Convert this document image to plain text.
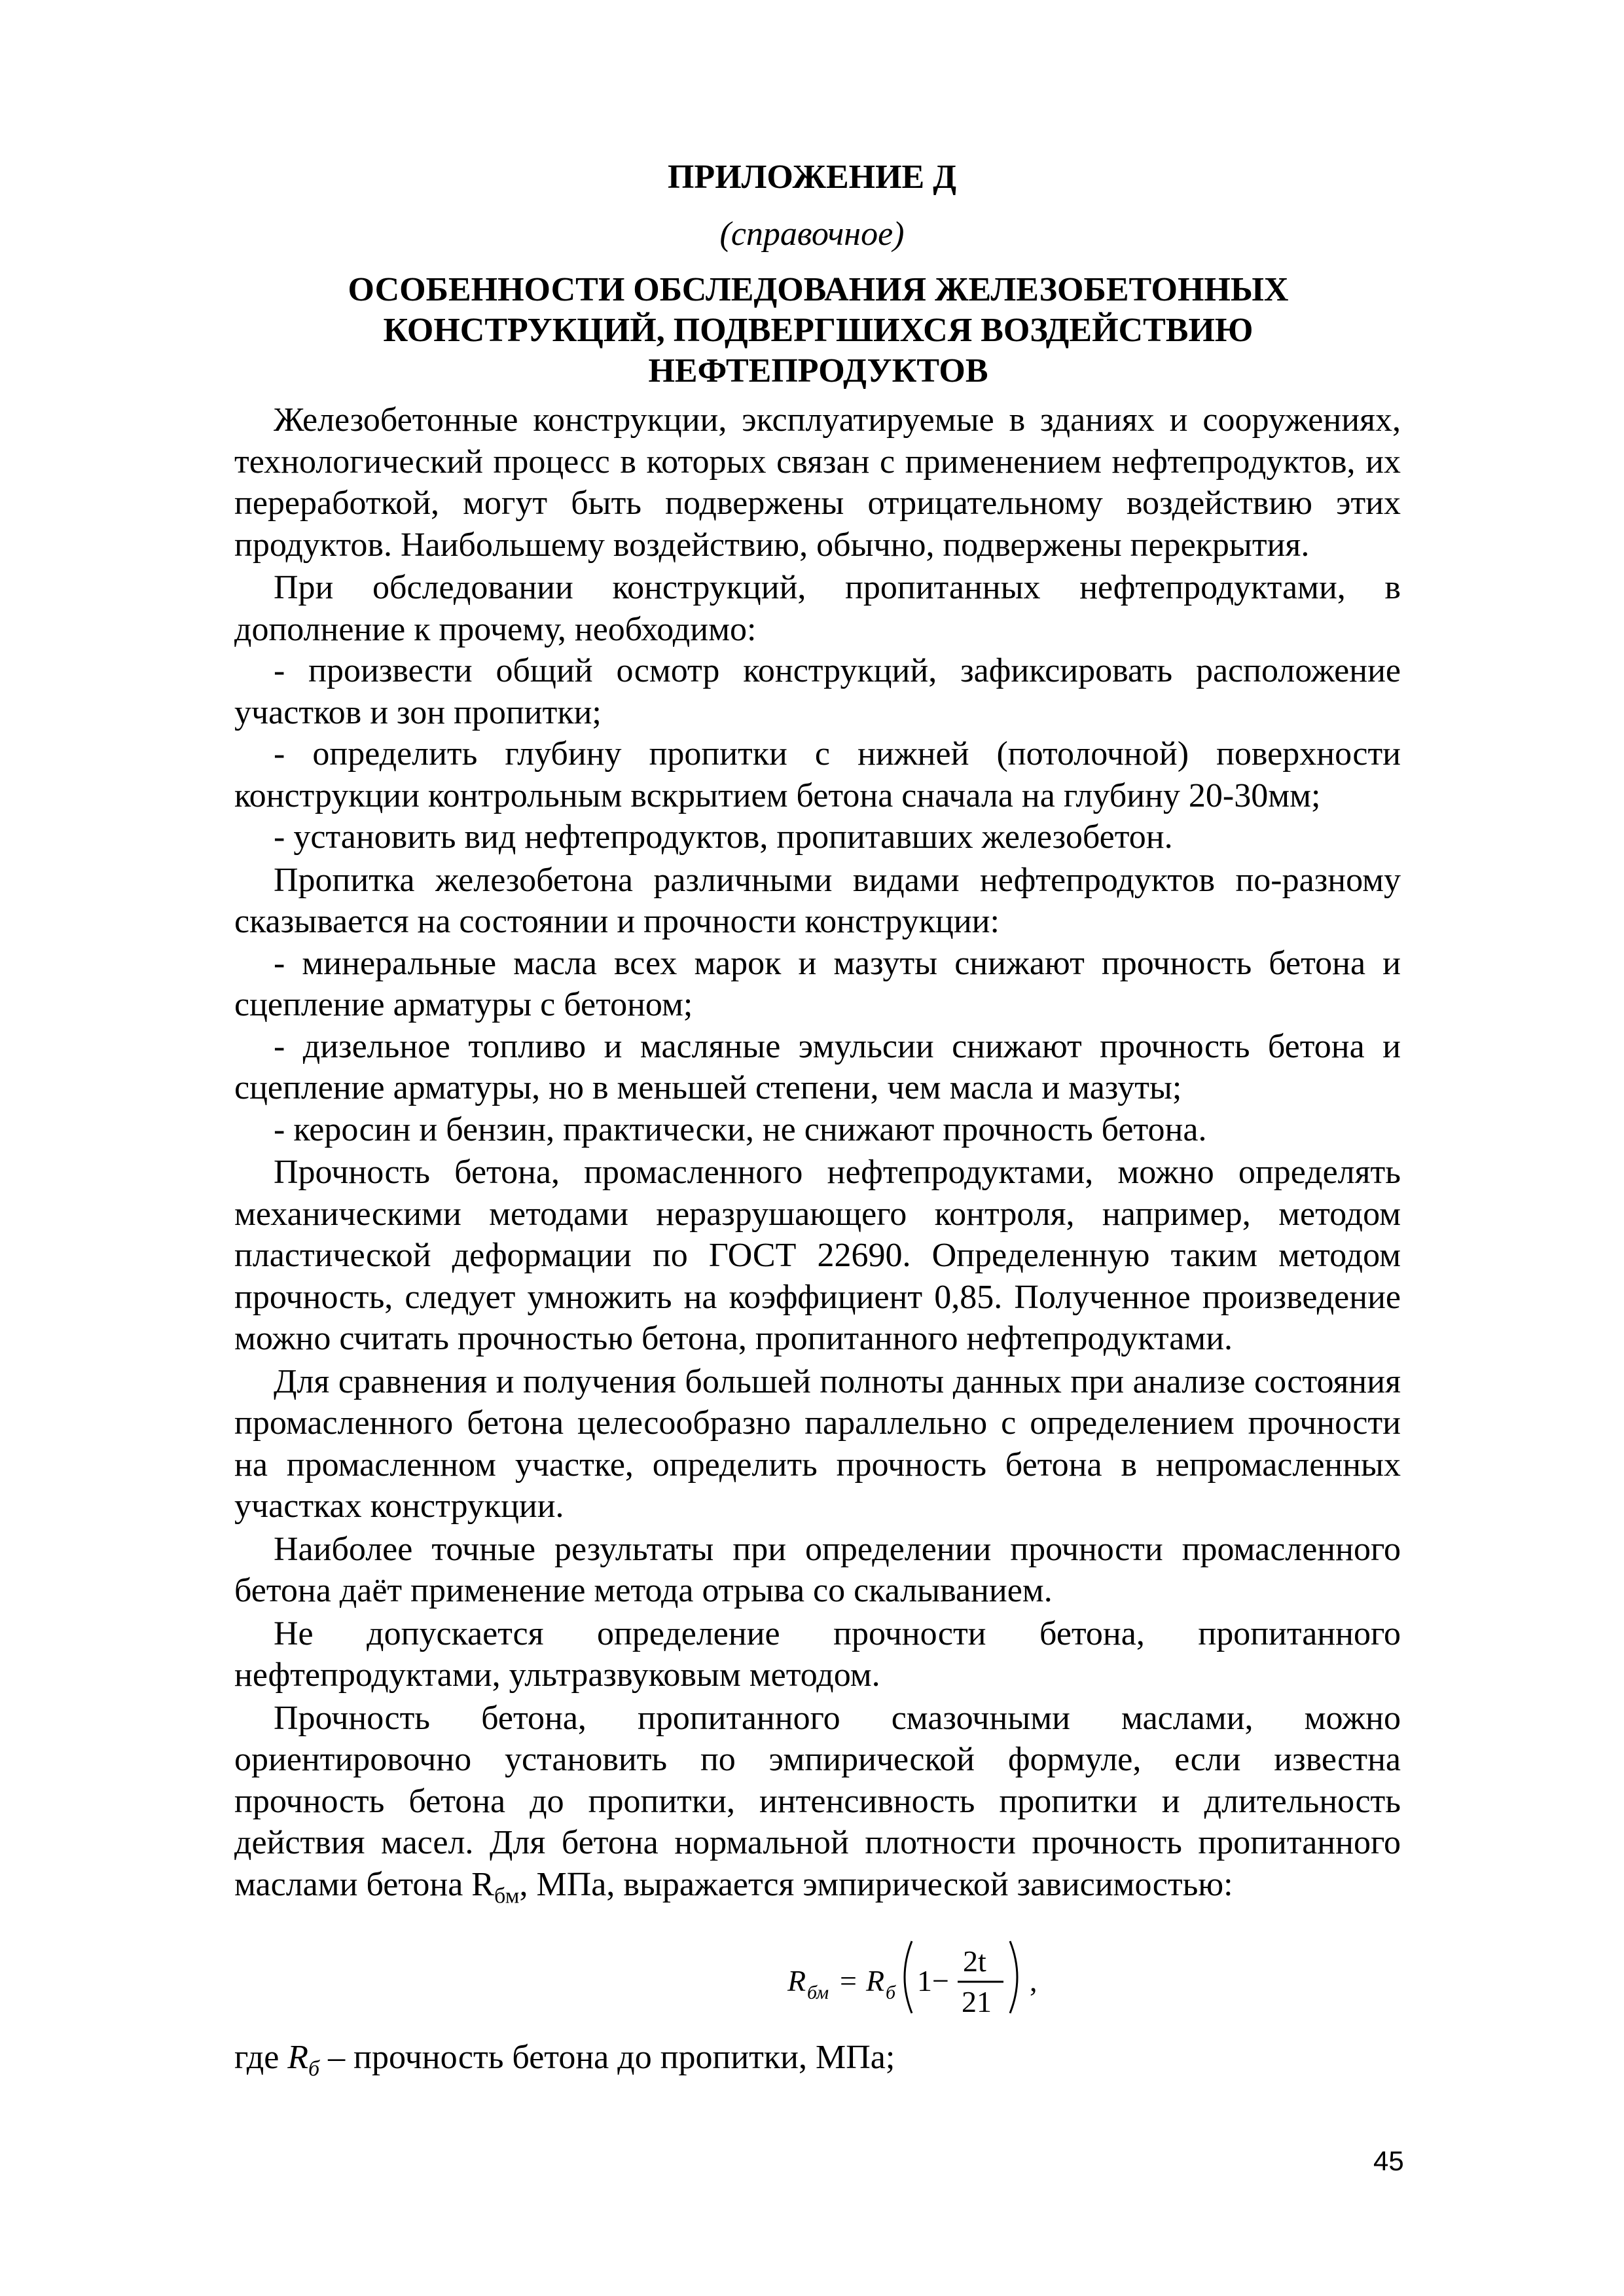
ПРИЛОЖЕНИЕ Д
(справочное)
ОСОБЕННОСТИ ОБСЛЕДОВАНИЯ ЖЕЛЕЗОБЕТОННЫХ
КОНСТРУКЦИЙ, ПОДВЕРГШИХСЯ ВОЗДЕЙСТВИЮ
НЕФТЕПРОДУКТОВ

Железобетонные конструкции, эксплуатируемые в зданиях и сооружениях, технологический процесс в которых связан с применением нефтепродуктов, их переработкой, могут быть подвержены отрицательному воздействию этих продуктов. Наибольшему воздействию, обычно, подвержены перекрытия.

При обследовании конструкций, пропитанных нефтепродуктами, в дополнение к прочему, необходимо:

- произвести общий осмотр конструкций, зафиксировать расположение участков и зон пропитки;

- определить глубину пропитки с нижней (потолочной) поверхности конструкции контрольным вскрытием бетона сначала на глубину 20-30мм;

- установить вид нефтепродуктов, пропитавших железобетон.

Пропитка железобетона различными видами нефтепродуктов по-разному сказывается на состоянии и прочности конструкции:

- минеральные масла всех марок и мазуты снижают прочность бетона и сцепление арматуры с бетоном;

- дизельное топливо и масляные эмульсии снижают прочность бетона и сцепление арматуры, но в меньшей степени, чем масла и мазуты;

- керосин и бензин, практически, не снижают прочность бетона.

Прочность бетона, промасленного нефтепродуктами, можно определять механическими методами неразрушающего контроля, например, методом пластической деформации по ГОСТ 22690. Определенную таким методом прочность, следует умножить на коэффициент 0,85. Полученное произведение можно считать прочностью бетона, пропитанного нефтепродуктами.

Для сравнения и получения большей полноты данных при анализе состояния промасленного бетона целесообразно параллельно с определением прочности на промасленном участке, определить прочность бетона в непромасленных участках конструкции.

Наиболее точные результаты при определении прочности промасленного бетона даёт применение метода отрыва со скалыванием.

Не допускается определение прочности бетона, пропитанного нефтепродуктами, ультразвуковым методом.

Прочность бетона, пропитанного смазочными маслами, можно ориентировочно установить по эмпирической формуле, если известна прочность бетона до пропитки, интенсивность пропитки и длительность действия масел. Для бетона нормальной плотности прочность пропитанного маслами бетона $R_{бм}$, МПа, выражается эмпирической зависимостью:

R бм = R б 1−
2t
21
,

где $R_б$ – прочность бетона до пропитки, МПа;

45
